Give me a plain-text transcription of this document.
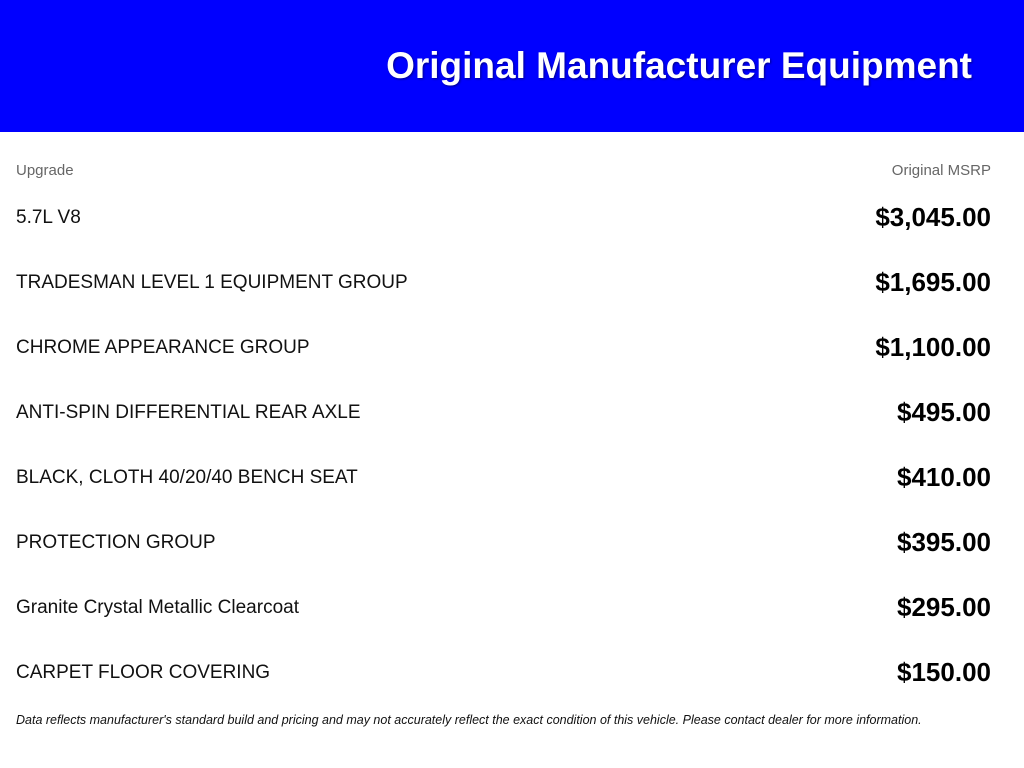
Original Manufacturer Equipment
Upgrade	Original MSRP
5.7L V8	$3,045.00
TRADESMAN LEVEL 1 EQUIPMENT GROUP	$1,695.00
CHROME APPEARANCE GROUP	$1,100.00
ANTI-SPIN DIFFERENTIAL REAR AXLE	$495.00
BLACK, CLOTH 40/20/40 BENCH SEAT	$410.00
PROTECTION GROUP	$395.00
Granite Crystal Metallic Clearcoat	$295.00
CARPET FLOOR COVERING	$150.00
Data reflects manufacturer's standard build and pricing and may not accurately reflect the exact condition of this vehicle. Please contact dealer for more information.
